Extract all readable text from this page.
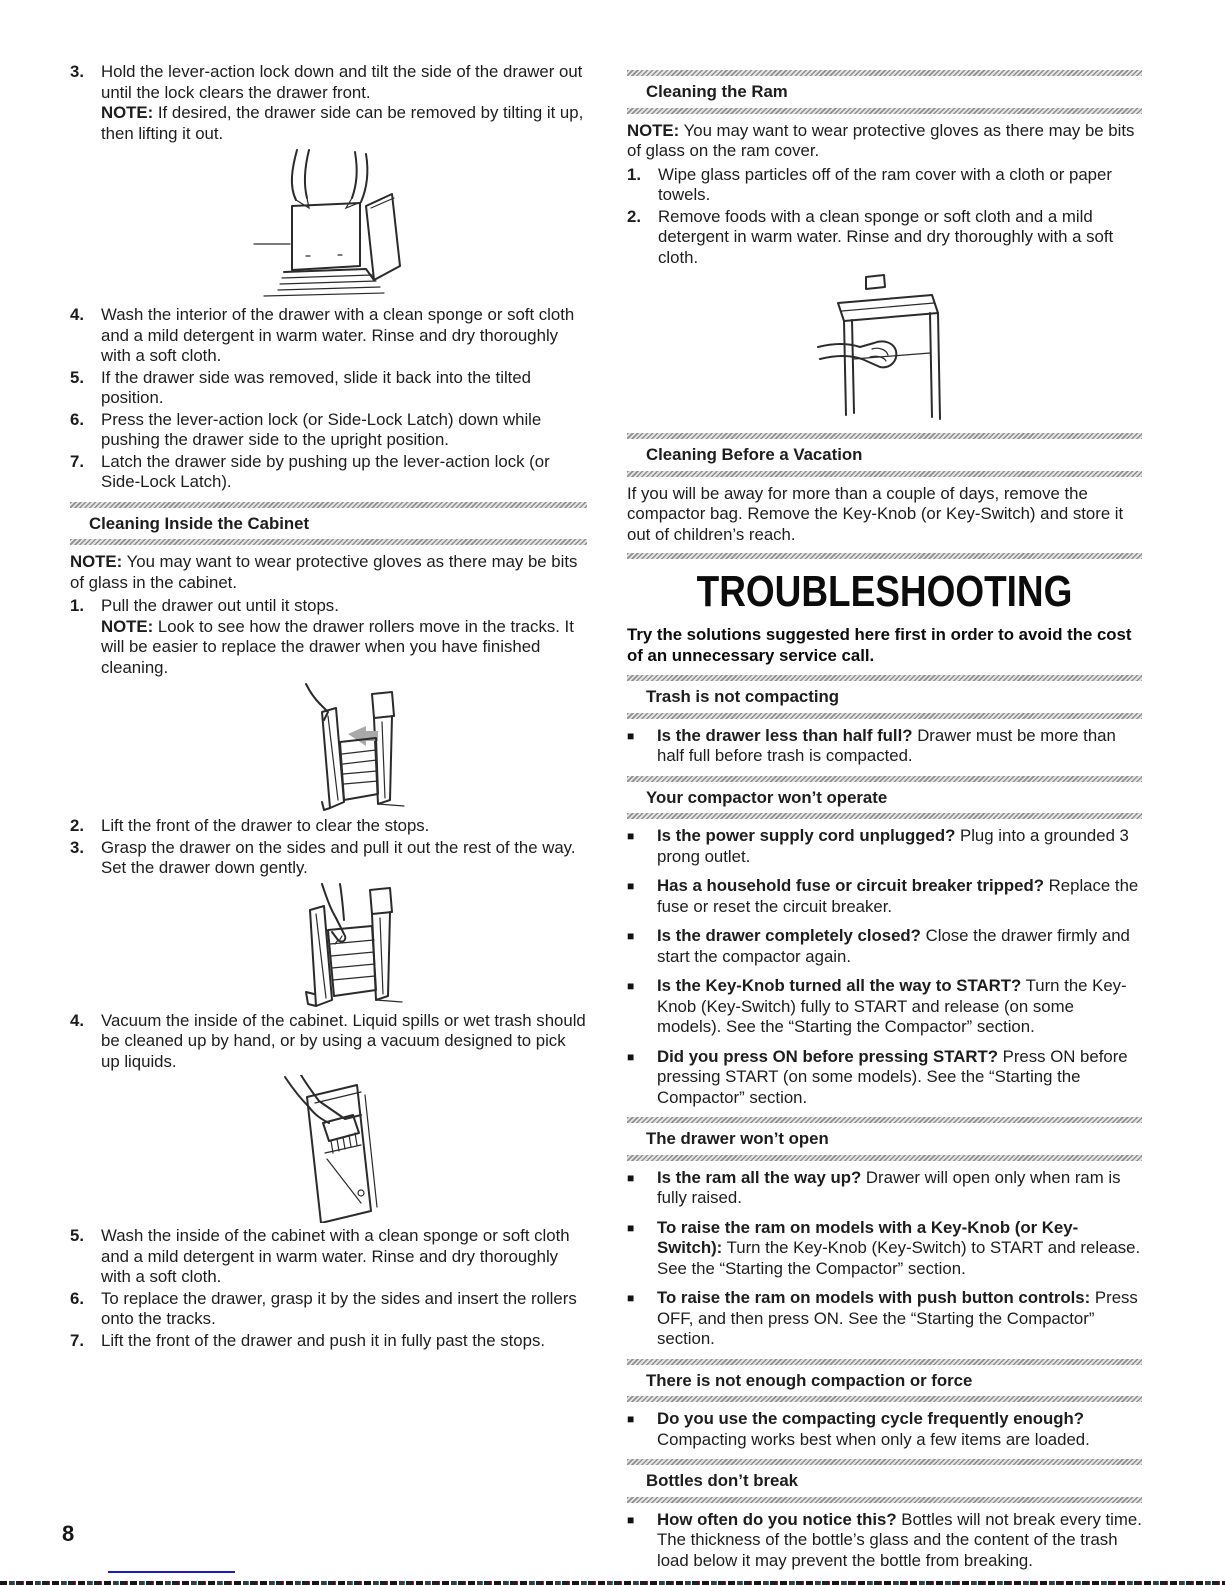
3.	Hold the lever-action lock down and tilt the side of the drawer out until the lock clears the drawer front.
NOTE: If desired, the drawer side can be removed by tilting it up, then lifting it out.
4.	Wash the interior of the drawer with a clean sponge or soft cloth and a mild detergent in warm water. Rinse and dry thoroughly with a soft cloth.
5.	If the drawer side was removed, slide it back into the tilted position.
6.	Press the lever-action lock (or Side-Lock Latch) down while pushing the drawer side to the upright position.
7.	Latch the drawer side by pushing up the lever-action lock (or Side-Lock Latch).
Cleaning Inside the Cabinet

NOTE: You may want to wear protective gloves as there may be bits of glass in the cabinet.

1.	Pull the drawer out until it stops.
NOTE: Look to see how the drawer rollers move in the tracks. It will be easier to replace the drawer when you have finished cleaning.
2.	Lift the front of the drawer to clear the stops.
3.	Grasp the drawer on the sides and pull it out the rest of the way. Set the drawer down gently.
4.	Vacuum the inside of the cabinet. Liquid spills or wet trash should be cleaned up by hand, or by using a vacuum designed to pick up liquids.
5.	Wash the inside of the cabinet with a clean sponge or soft cloth and a mild detergent in warm water. Rinse and dry thoroughly with a soft cloth.
6.	To replace the drawer, grasp it by the sides and insert the rollers onto the tracks.
7.	Lift the front of the drawer and push it in fully past the stops.
Cleaning the Ram

NOTE: You may want to wear protective gloves as there may be bits of glass on the ram cover.

1.	Wipe glass particles off of the ram cover with a cloth or paper towels.
2.	Remove foods with a clean sponge or soft cloth and a mild detergent in warm water. Rinse and dry thoroughly with a soft cloth.
Cleaning Before a Vacation

If you will be away for more than a couple of days, remove the compactor bag. Remove the Key-Knob (or Key-Switch) and store it out of children’s reach.

TROUBLESHOOTING

Try the solutions suggested here first in order to avoid the cost of an unnecessary service call.

Trash is not compacting
■	Is the drawer less than half full? Drawer must be more than half full before trash is compacted.
Your compactor won’t operate
■	Is the power supply cord unplugged? Plug into a grounded 3 prong outlet.
■	Has a household fuse or circuit breaker tripped? Replace the fuse or reset the circuit breaker.
■	Is the drawer completely closed? Close the drawer firmly and start the compactor again.
■	Is the Key-Knob turned all the way to START? Turn the Key-Knob (Key-Switch) fully to START and release (on some models). See the “Starting the Compactor” section.
■	Did you press ON before pressing START? Press ON before pressing START (on some models). See the “Starting the Compactor” section.
The drawer won’t open
■	Is the ram all the way up? Drawer will open only when ram is fully raised.
■	To raise the ram on models with a Key-Knob (or Key-Switch): Turn the Key-Knob (Key-Switch) to START and release. See the “Starting the Compactor” section.
■	To raise the ram on models with push button controls: Press OFF, and then press ON. See the “Starting the Compactor” section.
There is not enough compaction or force
■	Do you use the compacting cycle frequently enough? Compacting works best when only a few items are loaded.
Bottles don’t break
■	How often do you notice this? Bottles will not break every time. The thickness of the bottle’s glass and the content of the trash load below it may prevent the bottle from breaking.
8
